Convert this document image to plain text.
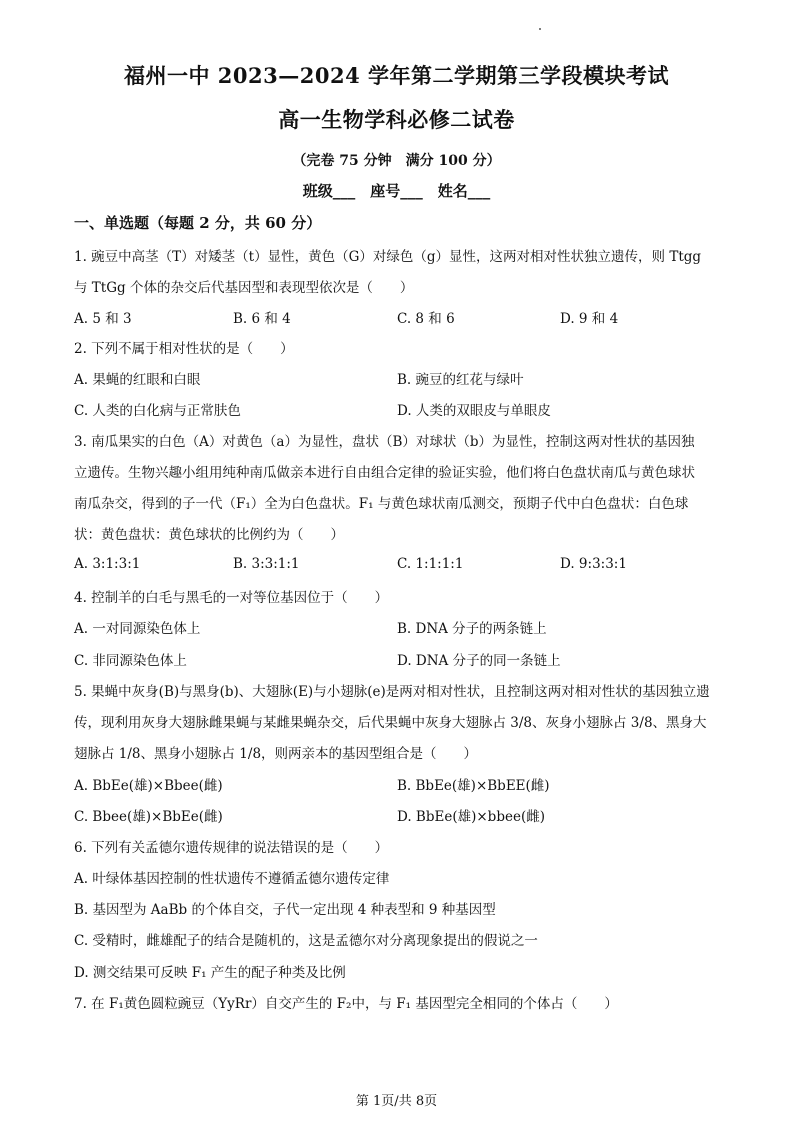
福州一中 2023—2024 学年第二学期第三学段模块考试
高一生物学科必修二试卷
（完卷 75 分钟　满分 100 分）
班级___　座号___　姓名___
一、单选题（每题 2 分，共 60 分）
1. 豌豆中高茎（T）对矮茎（t）显性，黄色（G）对绿色（g）显性，这两对相对性状独立遗传，则 Ttgg
与 TtGg 个体的杂交后代基因型和表现型依次是（　　）
A. 5 和 3	B. 6 和 4	C. 8 和 6	D. 9 和 4
2. 下列不属于相对性状的是（　　）
A. 果蝇的红眼和白眼	B. 豌豆的红花与绿叶
C. 人类的白化病与正常肤色	D. 人类的双眼皮与单眼皮
3. 南瓜果实的白色（A）对黄色（a）为显性，盘状（B）对球状（b）为显性，控制这两对性状的基因独
立遗传。生物兴趣小组用纯种南瓜做亲本进行自由组合定律的验证实验，他们将白色盘状南瓜与黄色球状
南瓜杂交，得到的子一代（F₁）全为白色盘状。F₁ 与黄色球状南瓜测交，预期子代中白色盘状：白色球
状：黄色盘状：黄色球状的比例约为（　　）
A. 3:1:3:1	B. 3:3:1:1	C. 1:1:1:1	D. 9:3:3:1
4. 控制羊的白毛与黑毛的一对等位基因位于（　　）
A. 一对同源染色体上	B. DNA 分子的两条链上
C. 非同源染色体上	D. DNA 分子的同一条链上
5. 果蝇中灰身(B)与黑身(b)、大翅脉(E)与小翅脉(e)是两对相对性状，且控制这两对相对性状的基因独立遗
传，现利用灰身大翅脉雌果蝇与某雌果蝇杂交，后代果蝇中灰身大翅脉占 3/8、灰身小翅脉占 3/8、黑身大
翅脉占 1/8、黑身小翅脉占 1/8，则两亲本的基因型组合是（　　）
A. BbEe(雄)×Bbee(雌)	B. BbEe(雄)×BbEE(雌)
C. Bbee(雄)×BbEe(雌)	D. BbEe(雄)×bbee(雌)
6. 下列有关孟德尔遗传规律的说法错误的是（　　）
A. 叶绿体基因控制的性状遗传不遵循孟德尔遗传定律
B. 基因型为 AaBb 的个体自交，子代一定出现 4 种表型和 9 种基因型
C. 受精时，雌雄配子的结合是随机的，这是孟德尔对分离现象提出的假说之一
D. 测交结果可反映 F₁ 产生的配子种类及比例
7. 在 F₁黄色圆粒豌豆（YyRr）自交产生的 F₂中，与 F₁ 基因型完全相同的个体占（　　）
第 1页/共 8页
